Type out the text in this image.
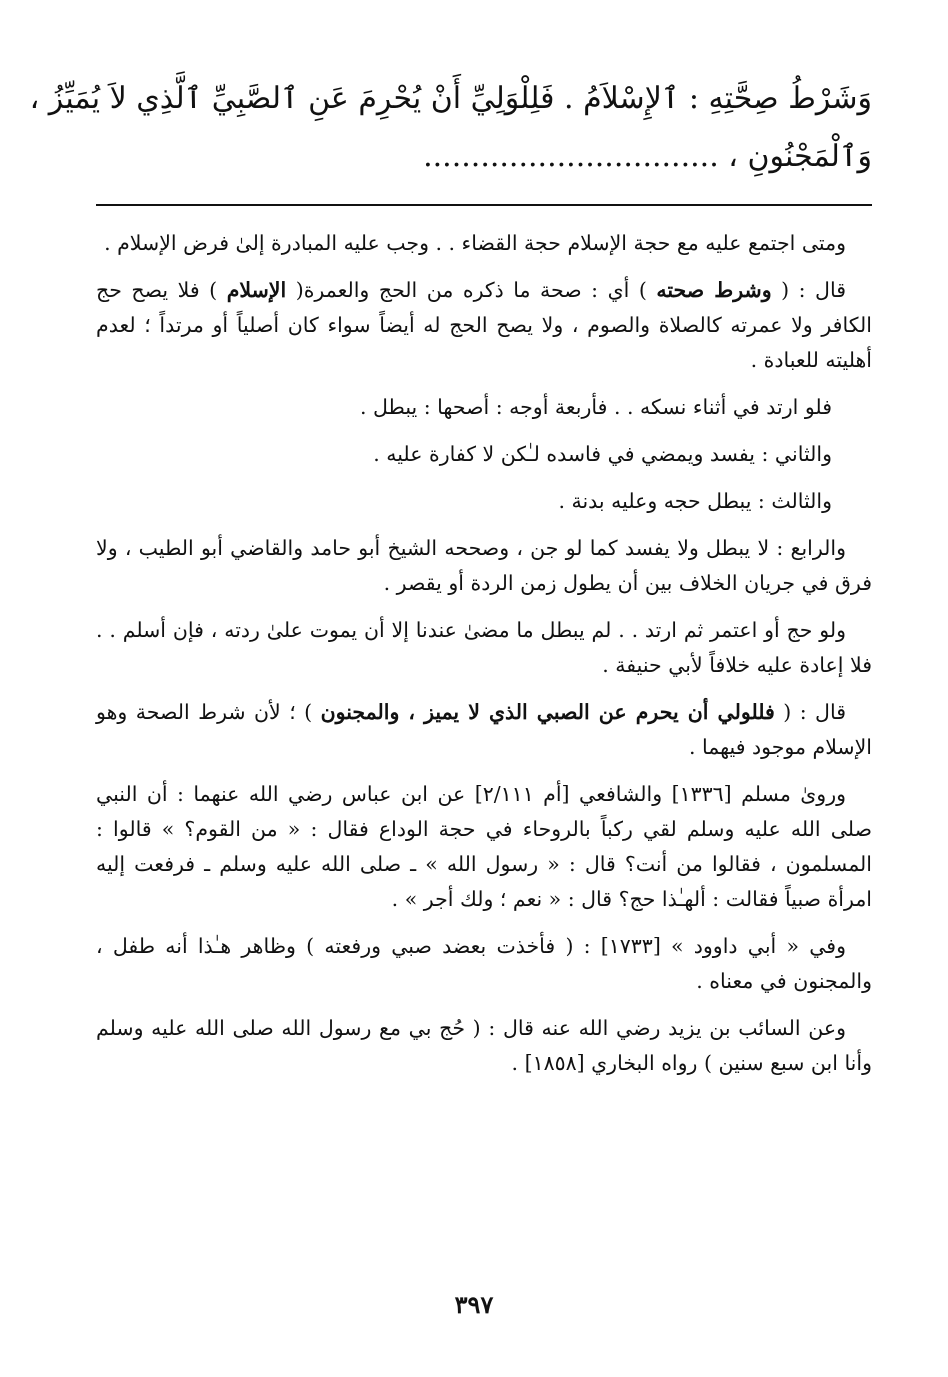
وَشَرْطُ صِحَّتِهِ : ٱلإِسْلاَمُ . فَلِلْوَلِيِّ أَنْ يُحْرِمَ عَنِ ٱلصَّبِيِّ ٱلَّذِي لاَ يُمَيِّزُ ،
وَٱلْمَجْنُونِ ، ...............................

ومتى اجتمع عليه مع حجة الإسلام حجة القضاء . . وجب عليه المبادرة إلىٰ فرض الإسلام .

قال : ( وشرط صحته ) أي : صحة ما ذكره من الحج والعمرة( الإسلام ) فلا يصح حج الكافر ولا عمرته كالصلاة والصوم ، ولا يصح الحج له أيضاً سواء كان أصلياً أو مرتداً ؛ لعدم أهليته للعبادة .

فلو ارتد في أثناء نسكه . . فأربعة أوجه : أصحها : يبطل .

والثاني : يفسد ويمضي في فاسده لـٰكن لا كفارة عليه .

والثالث : يبطل حجه وعليه بدنة .

والرابع : لا يبطل ولا يفسد كما لو جن ، وصححه الشيخ أبو حامد والقاضي أبو الطيب ، ولا فرق في جريان الخلاف بين أن يطول زمن الردة أو يقصر .

ولو حج أو اعتمر ثم ارتد . . لم يبطل ما مضىٰ عندنا إلا أن يموت علىٰ ردته ، فإن أسلم . . فلا إعادة عليه خلافاً لأبي حنيفة .

قال : ( فللولي أن يحرم عن الصبي الذي لا يميز ، والمجنون ) ؛ لأن شرط الصحة وهو الإسلام موجود فيهما .

وروىٰ مسلم [١٣٣٦] والشافعي [أم ٢/١١١] عن ابن عباس رضي الله عنهما : أن النبي صلى الله عليه وسلم لقي ركباً بالروحاء في حجة الوداع فقال : « من القوم؟ » قالوا : المسلمون ، فقالوا من أنت؟ قال : « رسول الله » ـ صلى الله عليه وسلم ـ فرفعت إليه امرأة صبياً فقالت : ألهـٰذا حج؟ قال : « نعم ؛ ولك أجر » .

وفي « أبي داوود » [١٧٣٣] : ( فأخذت بعضد صبي ورفعته ) وظاهر هـٰذا أنه طفل ، والمجنون في معناه .

وعن السائب بن يزيد رضي الله عنه قال : ( حُج بي مع رسول الله صلى الله عليه وسلم وأنا ابن سبع سنين ) رواه البخاري [١٨٥٨] .

٣٩٧
